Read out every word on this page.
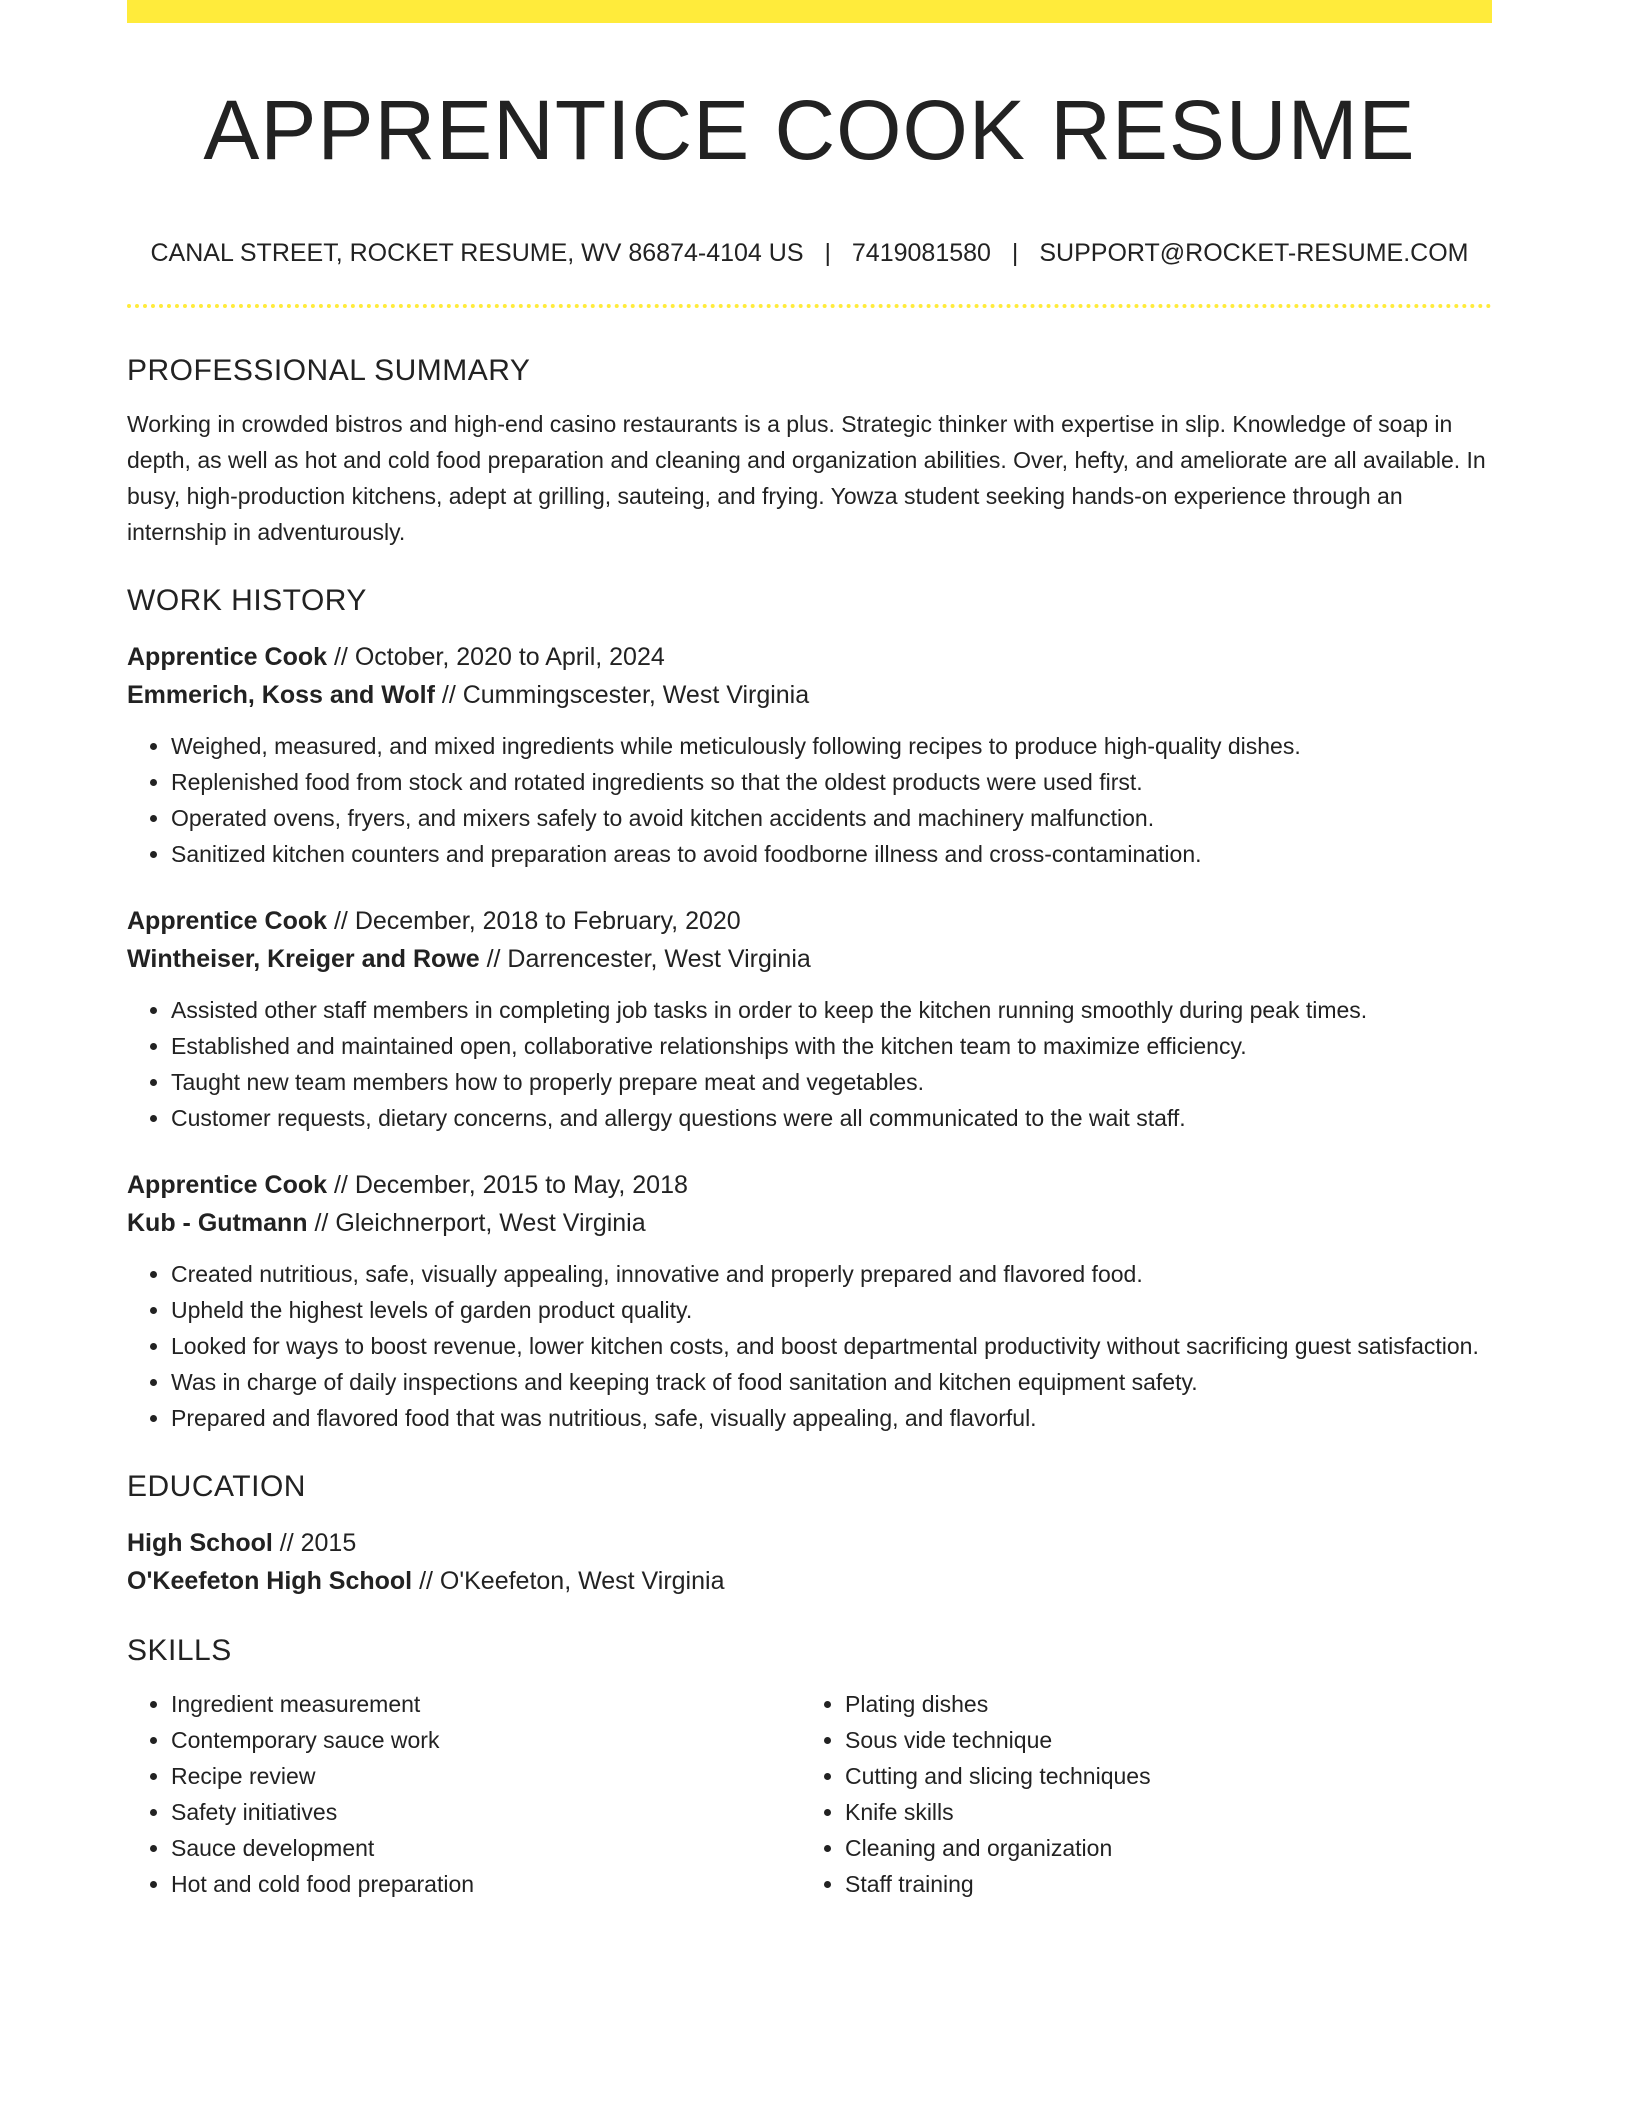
APPRENTICE COOK RESUME
CANAL STREET, ROCKET RESUME, WV 86874-4104 US | 7419081580 | SUPPORT@ROCKET-RESUME.COM
PROFESSIONAL SUMMARY

Working in crowded bistros and high-end casino restaurants is a plus. Strategic thinker with expertise in slip. Knowledge of soap in depth, as well as hot and cold food preparation and cleaning and organization abilities. Over, hefty, and ameliorate are all available. In busy, high-production kitchens, adept at grilling, sauteing, and frying. Yowza student seeking hands-on experience through an internship in adventurously.

WORK HISTORY
Apprentice Cook // October, 2020 to April, 2024
Emmerich, Koss and Wolf // Cummingscester, West Virginia
• Weighed, measured, and mixed ingredients while meticulously following recipes to produce high-quality dishes.
• Replenished food from stock and rotated ingredients so that the oldest products were used first.
• Operated ovens, fryers, and mixers safely to avoid kitchen accidents and machinery malfunction.
• Sanitized kitchen counters and preparation areas to avoid foodborne illness and cross-contamination.
Apprentice Cook // December, 2018 to February, 2020
Wintheiser, Kreiger and Rowe // Darrencester, West Virginia
• Assisted other staff members in completing job tasks in order to keep the kitchen running smoothly during peak times.
• Established and maintained open, collaborative relationships with the kitchen team to maximize efficiency.
• Taught new team members how to properly prepare meat and vegetables.
• Customer requests, dietary concerns, and allergy questions were all communicated to the wait staff.
Apprentice Cook // December, 2015 to May, 2018
Kub - Gutmann // Gleichnerport, West Virginia
• Created nutritious, safe, visually appealing, innovative and properly prepared and flavored food.
• Upheld the highest levels of garden product quality.
• Looked for ways to boost revenue, lower kitchen costs, and boost departmental productivity without sacrificing guest satisfaction.
• Was in charge of daily inspections and keeping track of food sanitation and kitchen equipment safety.
• Prepared and flavored food that was nutritious, safe, visually appealing, and flavorful.
EDUCATION
High School // 2015
O'Keefeton High School // O'Keefeton, West Virginia
SKILLS
• Ingredient measurement
• Contemporary sauce work
• Recipe review
• Safety initiatives
• Sauce development
• Hot and cold food preparation
• Plating dishes
• Sous vide technique
• Cutting and slicing techniques
• Knife skills
• Cleaning and organization
• Staff training
